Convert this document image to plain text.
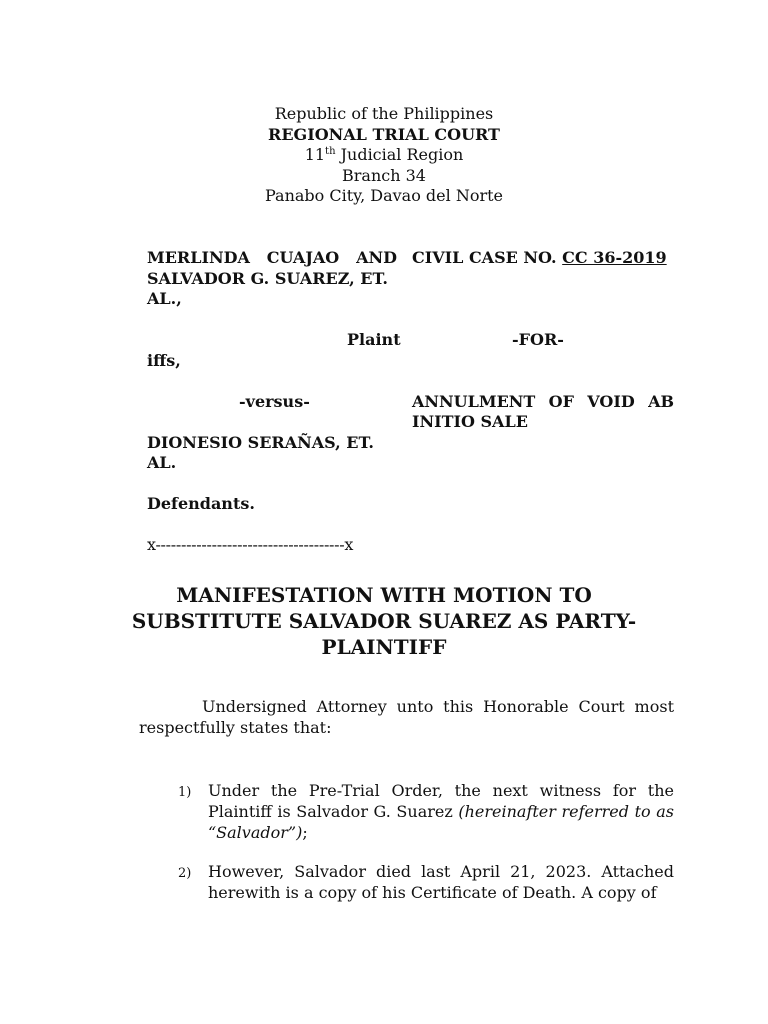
Republic of the Philippines
REGIONAL TRIAL COURT
11th Judicial Region
Branch 34
Panabo City, Davao del Norte
MERLINDA CUAJAO AND
SALVADOR G. SUAREZ, ET.
AL.,
Plaint
iffs,
-versus-
DIONESIO SERAÑAS, ET.
AL.
Defendants.
x-------------------------------------x
CIVIL CASE NO. CC 36-2019
-FOR-
ANNULMENT OF VOID AB
INITIO SALE
MANIFESTATION WITH MOTION TO
SUBSTITUTE SALVADOR SUAREZ AS PARTY-
PLAINTIFF
Undersigned Attorney unto this Honorable Court most respectfully states that:
1) Under the Pre-Trial Order, the next witness for the Plaintiff is Salvador G. Suarez (hereinafter referred to as “Salvador”);
2) However, Salvador died last April 21, 2023. Attached herewith is a copy of his Certificate of Death. A copy of
